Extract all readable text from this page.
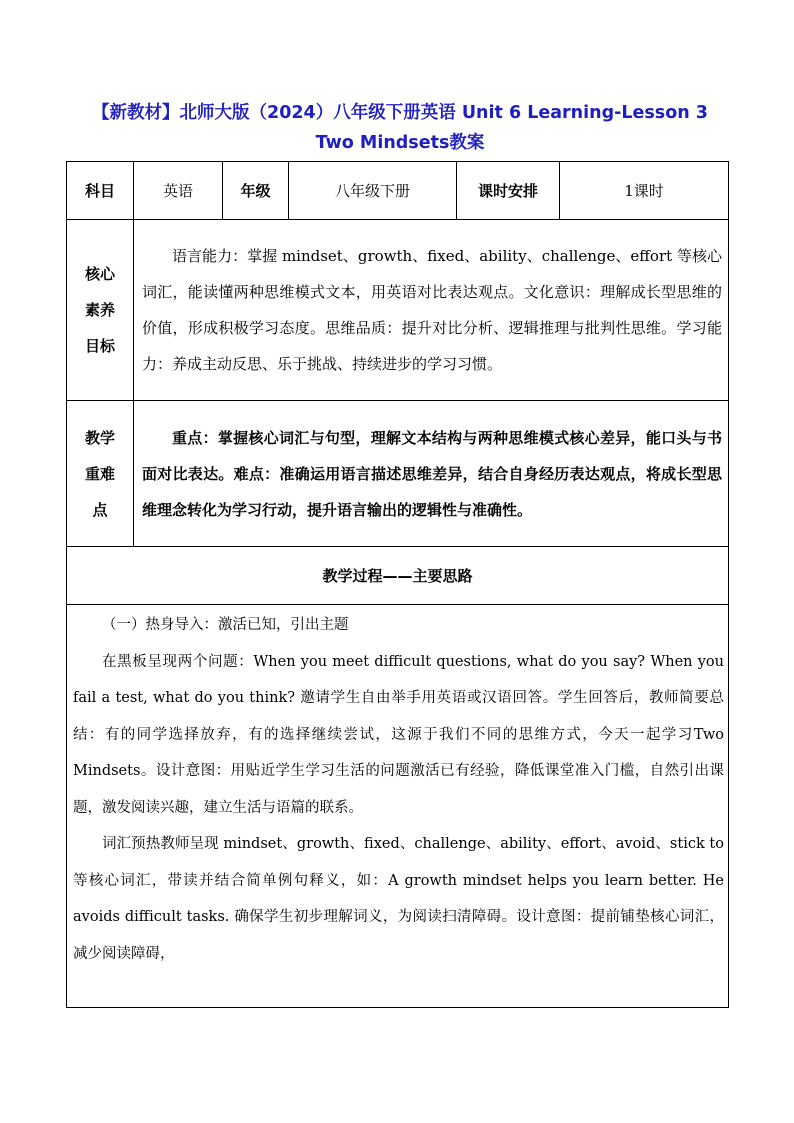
【新教材】北师大版（2024）八年级下册英语 Unit 6 Learning-Lesson 3 Two Mindsets教案
科目	英语	年级	八年级下册	课时安排	1课时

核心素养目标	语言能力：掌握 mindset、growth、fixed、ability、challenge、effort 等核心词汇，能读懂两种思维模式文本，用英语对比表达观点。文化意识：理解成长型思维的价值，形成积极学习态度。思维品质：提升对比分析、逻辑推理与批判性思维。学习能力：养成主动反思、乐于挑战、持续进步的学习习惯。				

教学重难点	重点：掌握核心词汇与句型，理解文本结构与两种思维模式核心差异，能口头与书面对比表达。难点：准确运用语言描述思维差异，结合自身经历表达观点，将成长型思维理念转化为学习行动，提升语言输出的逻辑性与准确性。				

教学过程——主要思路					

（一）热身导入：激活已知，引出主题

在黑板呈现两个问题：When you meet difficult questions, what do you say? When you fail a test, what do you think? 邀请学生自由举手用英语或汉语回答。学生回答后，教师简要总结：有的同学选择放弃，有的选择继续尝试，这源于我们不同的思维方式，今天一起学习Two Mindsets。设计意图：用贴近学生学习生活的问题激活已有经验，降低课堂准入门槛，自然引出课题，激发阅读兴趣，建立生活与语篇的联系。

词汇预热教师呈现 mindset、growth、fixed、challenge、ability、effort、avoid、stick to 等核心词汇，带读并结合简单例句释义，如：A growth mindset helps you learn better. He avoids difficult tasks. 确保学生初步理解词义，为阅读扫清障碍。设计意图：提前铺垫核心词汇，减少阅读障碍，					
